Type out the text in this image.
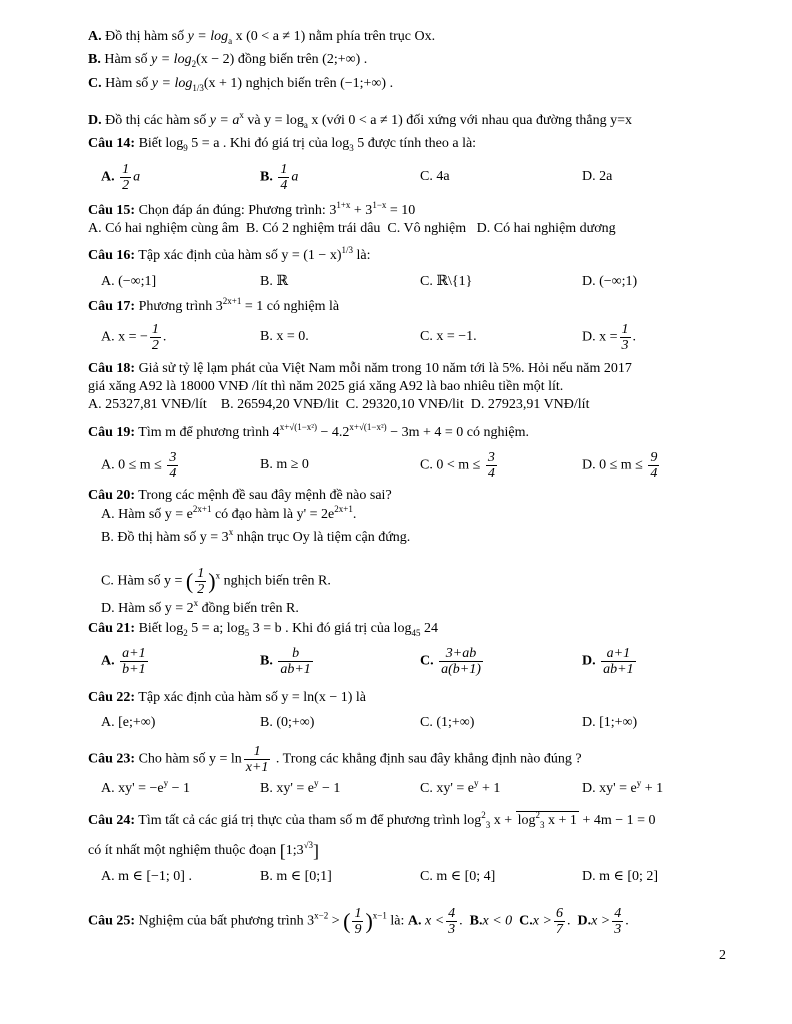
A. Đồ thị hàm số $y = \log_a x$ (0 < a ≠ 1) nằm phía trên trục Ox.
B. Hàm số $y = \log_2(x - 2)$ đồng biến trên (2;+∞) .
C. Hàm số $y = \log_{1/3}(x + 1)$ nghịch biến trên (−1;+∞) .
D. Đồ thị các hàm số $y = a^x$ và $y = \log_a x$ (với 0 < a ≠ 1) đối xứng với nhau qua đường thẳng y=x
Câu 14: Biết $\log_9 5 = a$ . Khi đó giá trị của $\log_3 5$ được tính theo a là:
A. $\frac{1}{2}$ a	B. $\frac{1}{4}$ a	C. 4a	D. 2a
Câu 15: Chọn đáp án đúng: Phương trình: $3^{1+x} + 3^{1-x} = 10$
A. Có hai nghiệm cùng âm B. Có 2 nghiệm trái dâu C. Vô nghiệm D. Có hai nghiệm dương
Câu 16: Tập xác định của hàm số $y = (1 - x)^{1/3}$ là:
A. (−∞;1]	B. ℝ	C. ℝ\{1}	D. (−∞;1)
Câu 17: Phương trình $3^{2x+1} = 1$ có nghiệm là
A. x = − $\frac{1}{2}$ .	B. x = 0.	C. x = −1.	D. $x = \frac{1}{3}$ .
Câu 18: Giả sử tỷ lệ lạm phát của Việt Nam mỗi năm trong 10 năm tới là 5%. Hỏi nếu năm 2017
giá xăng A92 là 18000 VNĐ /lít thì năm 2025 giá xăng A92 là bao nhiêu tiền một lít.
A. 25327,81 VNĐ/lít B. 26594,20 VNĐ/lit C. 29320,10 VNĐ/lit D. 27923,91 VNĐ/lít
Câu 19: Tìm m để phương trình $4^{x+√(1-x^2)} - 4.2^{x+√(1-x^2)} - 3m + 4 = 0$ có nghiệm.
A. $0 \le m \le \frac{3}{4}$	B. m ≥ 0	C. $0 < m \le \frac{3}{4}$	D. $0 \le m \le \frac{9}{4}$
Câu 20: Trong các mệnh đề sau đây mệnh đề nào sai?
A. Hàm số $y = e^{2x+1}$ có đạo hàm là $y' = 2e^{2x+1}$.
B. Đồ thị hàm số $y = 3^x$ nhận trục Oy là tiệm cận đứng.
C. Hàm số y = ( $\frac{1}{2} )^x$ nghịch biến trên R.
D. Hàm số $y = 2^x$ đồng biến trên R.
Câu 21: Biết $\log_2 5 = a$; $\log_5 3 = b$ . Khi đó giá trị của $\log_{45} 24$
A. $\frac{a+1}{b+1}$	B. $\frac{b}{ab+1}$	C. $\frac{3+ab}{a(b+1)}$	D. $\frac{a+1}{ab+1}$
Câu 22: Tập xác định của hàm số y = ln(x − 1) là
A. [e;+∞)	B. (0;+∞)	C. (1;+∞)	D. [1;+∞)
Câu 23: Cho hàm số $y = \ln \frac{1}{x+1}$ . Trong các khẳng định sau đây khẳng định nào đúng ?
A. $xy' = -e^y - 1$	B. $xy' = e^y - 1$	C. $xy' = e^y + 1$	D. $xy' = e^y + 1$
Câu 24: Tìm tất cả các giá trị thực của tham số m để phương trình $\log^2_3 x + \log^2_3 x + 1 + 4m - 1 = 0$
có ít nhất một nghiệm thuộc đoạn $[1;3^{√3}]$
A. m ∈ [−1; 0] .	B. m ∈ [0;1]	C. m ∈ [0; 4]	D. m ∈ [0; 2]
Câu 25: Nghiệm của bất phương trình $3^{x-2}$ > ( $\frac{1}{9} )^{x-1}$ là: A. $x < \frac{4}{3}$ .  B.x < 0 $C.x > \frac{6}{7}$ .  $D.x > \frac{4}{3}$ .
2
